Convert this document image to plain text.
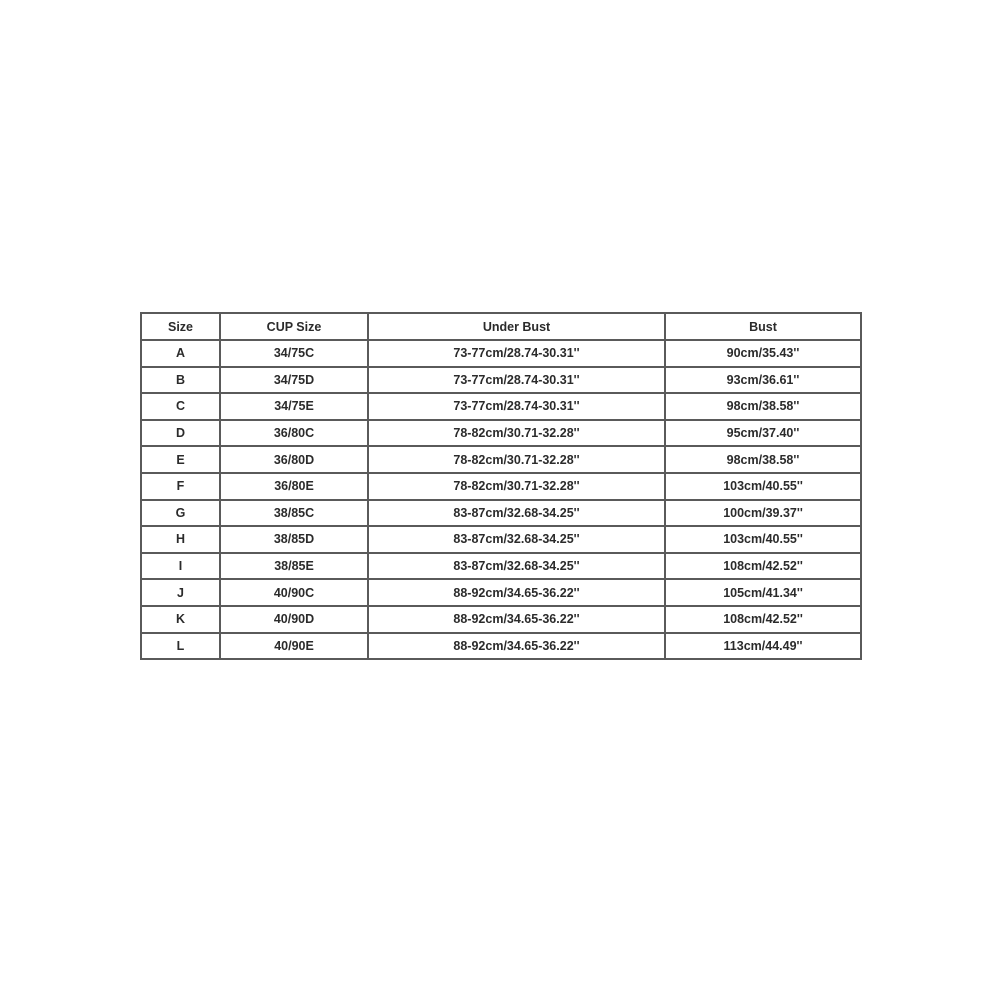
Size	CUP Size	Under Bust	Bust
A	34/75C	73-77cm/28.74-30.31''	90cm/35.43''
B	34/75D	73-77cm/28.74-30.31''	93cm/36.61''
C	34/75E	73-77cm/28.74-30.31''	98cm/38.58''
D	36/80C	78-82cm/30.71-32.28''	95cm/37.40''
E	36/80D	78-82cm/30.71-32.28''	98cm/38.58''
F	36/80E	78-82cm/30.71-32.28''	103cm/40.55''
G	38/85C	83-87cm/32.68-34.25''	100cm/39.37''
H	38/85D	83-87cm/32.68-34.25''	103cm/40.55''
I	38/85E	83-87cm/32.68-34.25''	108cm/42.52''
J	40/90C	88-92cm/34.65-36.22''	105cm/41.34''
K	40/90D	88-92cm/34.65-36.22''	108cm/42.52''
L	40/90E	88-92cm/34.65-36.22''	113cm/44.49''
